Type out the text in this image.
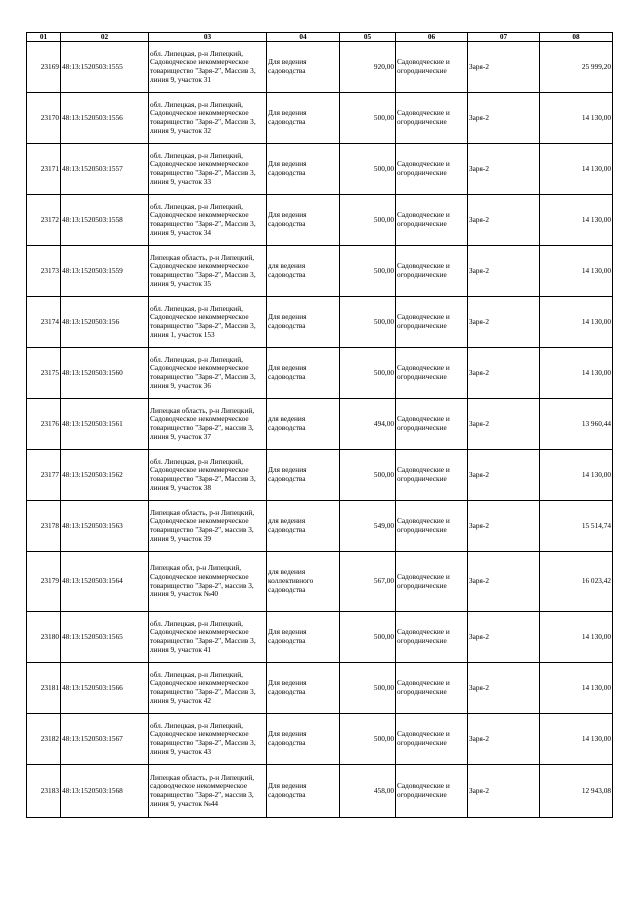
01	02	03	04	05	06	07	08
23169	48:13:1520503:1555	обл. Липецкая, р-н Липецкий, Садоводческое некоммерческое товарищество "Заря-2", Массив 3, линия 9, участок 31	Для ведения садоводства	920,00	Садоводческие и огороднические	Заря-2	25 999,20
23170	48:13:1520503:1556	обл. Липецкая, р-н Липецкий, Садоводческое некоммерческое товарищество "Заря-2", Массив 3, линия 9, участок 32	Для ведения садоводства	500,00	Садоводческие и огороднические	Заря-2	14 130,00
23171	48:13:1520503:1557	обл. Липецкая, р-н Липецкий, Садоводческое некоммерческое товарищество "Заря-2", Массив 3, линия 9, участок 33	Для ведения садоводства	500,00	Садоводческие и огороднические	Заря-2	14 130,00
23172	48:13:1520503:1558	обл. Липецкая, р-н Липецкий, Садоводческое некоммерческое товарищество "Заря-2", Массив 3, линия 9, участок 34	Для ведения садоводства	500,00	Садоводческие и огороднические	Заря-2	14 130,00
23173	48:13:1520503:1559	Липецкая область, р-н Липецкий, Садоводческое некоммерческое товарищество "Заря-2", Массив 3, линия 9, участок 35	для ведения садоводства	500,00	Садоводческие и огороднические	Заря-2	14 130,00
23174	48:13:1520503:156	обл. Липецкая, р-н Липецкий, Садоводческое некоммерческое товарищество "Заря-2", Массив 3, линия 1, участок 153	Для ведения садоводства	500,00	Садоводческие и огороднические	Заря-2	14 130,00
23175	48:13:1520503:1560	обл. Липецкая, р-н Липецкий, Садоводческое некоммерческое товарищество "Заря-2", Массив 3, линия 9, участок 36	Для ведения садоводства	500,00	Садоводческие и огороднические	Заря-2	14 130,00
23176	48:13:1520503:1561	Липецкая область, р-н Липецкий, Садоводческое некоммерческое товарищество "Заря-2", массив 3, линия 9, участок 37	для ведения садоводства	494,00	Садоводческие и огороднические	Заря-2	13 960,44
23177	48:13:1520503:1562	обл. Липецкая, р-н Липецкий, Садоводческое некоммерческое товарищество "Заря-2", Массив 3, линия 9, участок 38	Для ведения садоводства	500,00	Садоводческие и огороднические	Заря-2	14 130,00
23178	48:13:1520503:1563	Липецкая область, р-н Липецкий, Садоводческое некоммерческое товарищество "Заря-2", массив 3, линия 9, участок 39	для ведения садоводства	549,00	Садоводческие и огороднические	Заря-2	15 514,74
23179	48:13:1520503:1564	Липецкая обл, р-н Липецкий, Садоводческое некоммерческое товарищество "Заря-2", массив 3, линия 9, участок №40	для ведения коллективного садоводства	567,00	Садоводческие и огороднические	Заря-2	16 023,42
23180	48:13:1520503:1565	обл. Липецкая, р-н Липецкий, Садоводческое некоммерческое товарищество "Заря-2", Массив 3, линия 9, участок 41	Для ведения садоводства	500,00	Садоводческие и огороднические	Заря-2	14 130,00
23181	48:13:1520503:1566	обл. Липецкая, р-н Липецкий, Садоводческое некоммерческое товарищество "Заря-2", Массив 3, линия 9, участок 42	Для ведения садоводства	500,00	Садоводческие и огороднические	Заря-2	14 130,00
23182	48:13:1520503:1567	обл. Липецкая, р-н Липецкий, Садоводческое некоммерческое товарищество "Заря-2", Массив 3, линия 9, участок 43	Для ведения садоводства	500,00	Садоводческие и огороднические	Заря-2	14 130,00
23183	48:13:1520503:1568	Липецкая область, р-н Липецкий, садоводческое некоммерческое товарищество "Заря-2", массив 3, линия 9, участок №44	Для ведения садоводства	458,00	Садоводческие и огороднические	Заря-2	12 943,08
